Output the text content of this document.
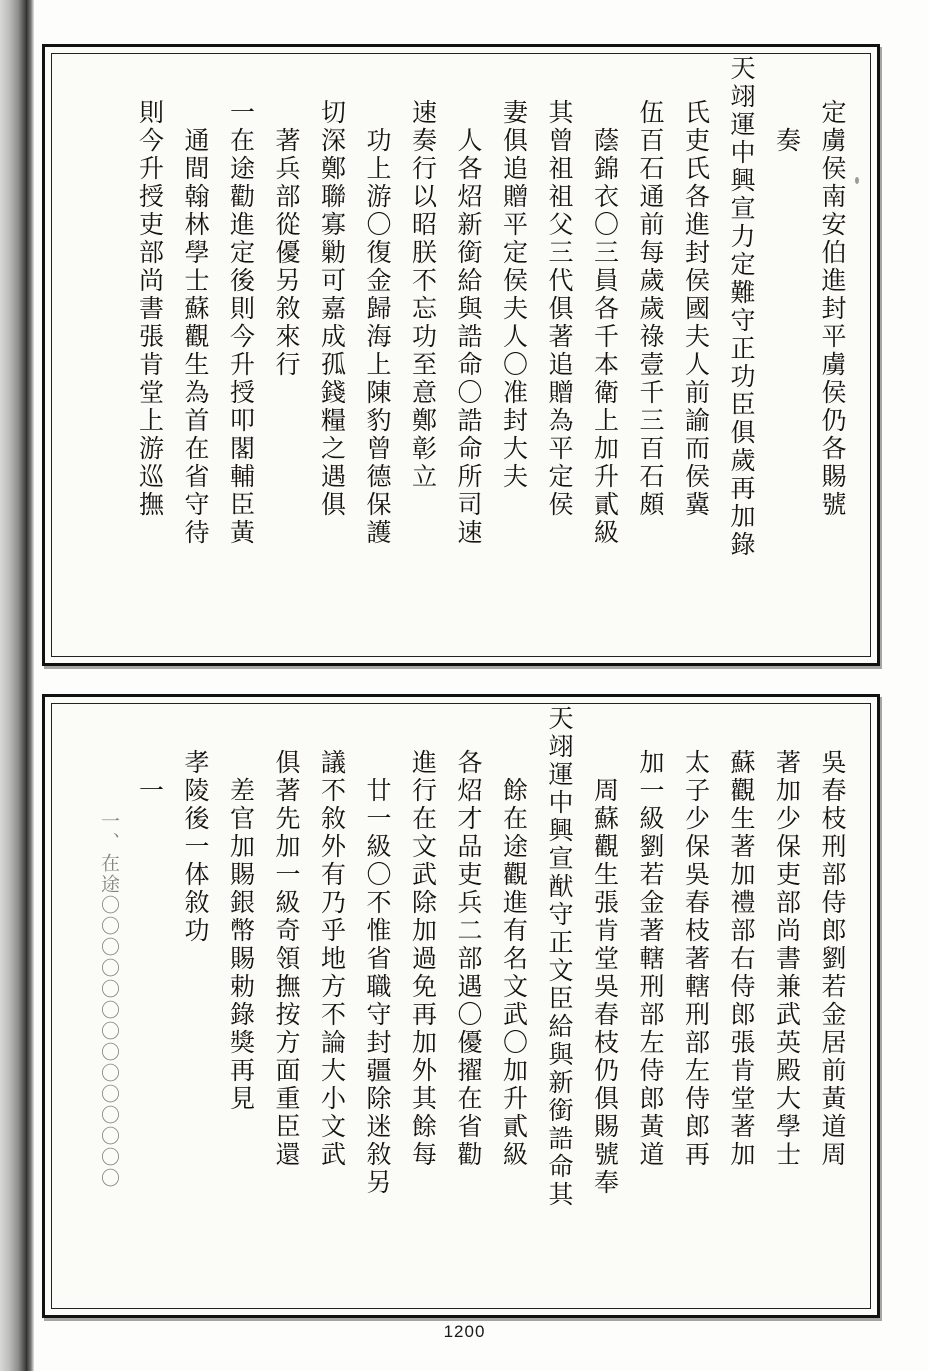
定虜侯南安伯進封平虜侯仍各賜號
奏
天翊運中興宣力定難守正功臣俱歲再加錄
氏吏氏各進封侯國夫人前諭而侯冀
伍百石通前每歲歲祿壹千三百石頗
蔭錦衣〇三員各千本衛上加升貳級
其曾祖祖父三代俱著追贈為平定侯
妻俱追贈平定侯夫人〇准封大夫
人各炤新銜給與誥命〇誥命所司速
速奏行以昭朕不忘功至意鄭彰立
功上游〇復金歸海上陳豹曾德保護
切深鄭聯寡勦可嘉成孤錢糧之遇俱
著兵部從優另敘來行
一在途勸進定後則今升授叩閣輔臣黃
通間翰林學士蘇觀生為首在省守待
則今升授吏部尚書張肯堂上游巡撫
吳春枝刑部侍郎劉若金居前黃道周
著加少保吏部尚書兼武英殿大學士
蘇觀生著加禮部右侍郎張肯堂著加
太子少保吳春枝著轄刑部左侍郎再
加一級劉若金著轄刑部左侍郎黃道
周蘇觀生張肯堂吳春枝仍俱賜號奉
天翊運中興宣猷守正文臣給與新銜誥命其
餘在途觀進有名文武〇加升貳級
各炤才品吏兵二部遇〇優擢在省勸
進行在文武除加過免再加外其餘每
廿一級〇不惟省職守封疆除迷敘另
議不敘外有乃乎地方不論大小文武
俱著先加一級奇領撫按方面重臣還
差官加賜銀幣賜勅錄獎再見
孝陵後一体敘功
一
一、在途〇〇〇〇〇〇〇〇〇〇〇〇〇〇
1200
